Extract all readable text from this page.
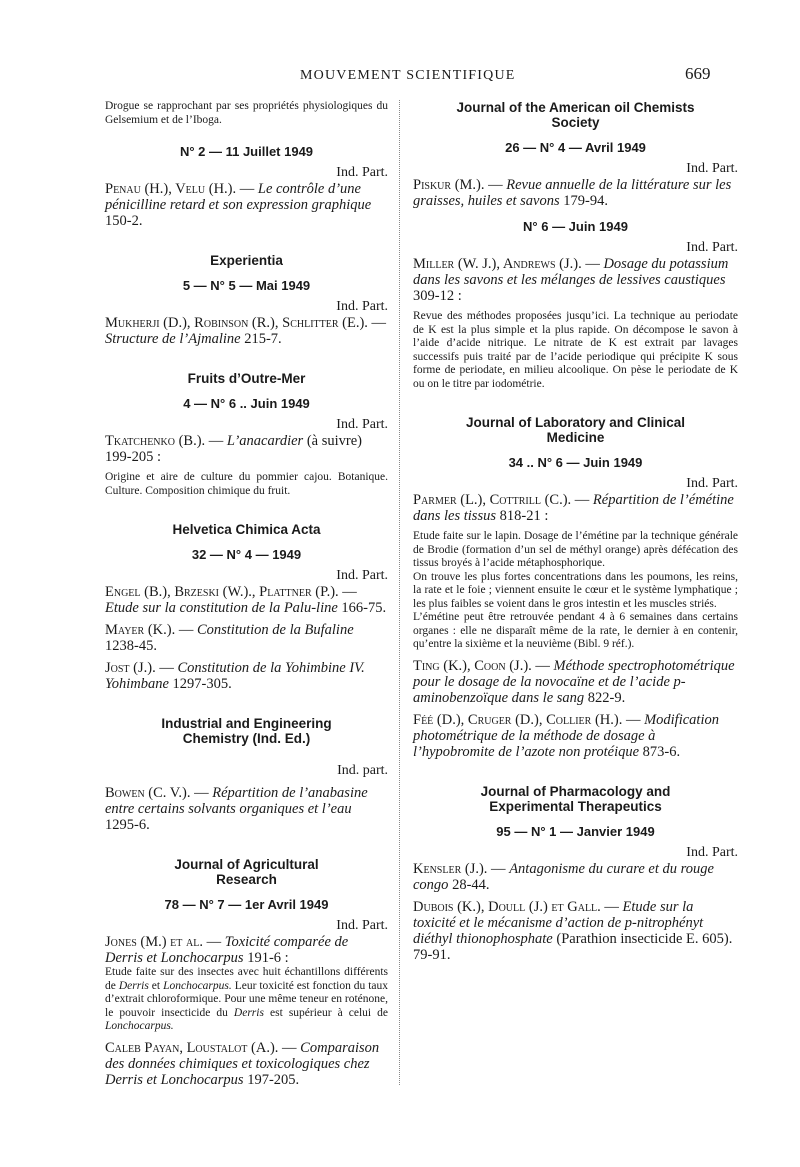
MOUVEMENT SCIENTIFIQUE	669

Drogue se rapprochant par ses propriétés physiologiques du Gelsemium et de l’Iboga.

N° 2 — 11 Juillet 1949

Ind. Part.

Penau (H.), Velu (H.). — Le contrôle d’une pénicilline retard et son expression graphique 150-2.

Experientia

5 — N° 5 — Mai 1949

Ind. Part.

Mukherji (D.), Robinson (R.), Schlitter (E.). — Structure de l’Ajmaline 215-7.

Fruits d’Outre-Mer

4 — N° 6 .. Juin 1949

Ind. Part.

Tkatchenko (B.). — L’anacardier (à suivre) 199-205 :

Origine et aire de culture du pommier cajou. Botanique. Culture. Composition chimique du fruit.

Helvetica Chimica Acta

32 — N° 4 — 1949

Ind. Part.

Engel (B.), Brzeski (W.)., Plattner (P.). — Etude sur la constitution de la Palu-line 166-75.

Mayer (K.). — Constitution de la Bufaline 1238-45.

Jost (J.). — Constitution de la Yohimbine IV. Yohimbane 1297-305.

Industrial and Engineering

Chemistry (Ind. Ed.)

Ind. part.

Bowen (C. V.). — Répartition de l’anabasine entre certains solvants organiques et l’eau 1295-6.

Journal of Agricultural

Research

78 — N° 7 — 1er Avril 1949

Ind. Part.

Jones (M.) et al. — Toxicité comparée de Derris et Lonchocarpus 191-6 :

Etude faite sur des insectes avec huit échantillons différents de Derris et Lonchocarpus. Leur toxicité est fonction du taux d’extrait chloroformique. Pour une même teneur en roténone, le pouvoir insecticide du Derris est supérieur à celui de Lonchocarpus.

Caleb Payan, Loustalot (A.). — Comparaison des données chimiques et toxicologiques chez Derris et Lonchocarpus 197-205.

Journal of the American oil Chemists

Society

26 — N° 4 — Avril 1949

Ind. Part.

Piskur (M.). — Revue annuelle de la littérature sur les graisses, huiles et savons 179-94.

N° 6 — Juin 1949

Ind. Part.

Miller (W. J.), Andrews (J.). — Dosage du potassium dans les savons et les mélanges de lessives caustiques 309-12 :

Revue des méthodes proposées jusqu’ici. La technique au periodate de K est la plus simple et la plus rapide. On décompose le savon à l’aide d’acide nitrique. Le nitrate de K est extrait par lavages successifs puis traité par de l’acide periodique qui précipite K sous forme de periodate, en milieu alcoolique. On pèse le periodate de K ou on le titre par iodométrie.

Journal of Laboratory and Clinical

Medicine

34 .. N° 6 — Juin 1949

Ind. Part.

Parmer (L.), Cottrill (C.). — Répartition de l’émétine dans les tissus 818-21 :

Etude faite sur le lapin. Dosage de l’émétine par la technique générale de Brodie (formation d’un sel de méthyl orange) après défécation des tissus broyés à l’acide métaphosphorique.

On trouve les plus fortes concentrations dans les poumons, les reins, la rate et le foie ; viennent ensuite le cœur et le système lymphatique ; les plus faibles se voient dans le gros intestin et les muscles striés.

L’émétine peut être retrouvée pendant 4 à 6 semaines dans certains organes : elle ne disparaît même de la rate, le dernier à en contenir, qu’entre la sixième et la neuvième (Bibl. 9 réf.).

Ting (K.), Coon (J.). — Méthode spectrophotométrique pour le dosage de la novocaïne et de l’acide p-aminobenzoïque dans le sang 822-9.

Féé (D.), Cruger (D.), Collier (H.). — Modification photométrique de la méthode de dosage à l’hypobromite de l’azote non protéique 873-6.

Journal of Pharmacology and

Experimental Therapeutics

95 — N° 1 — Janvier 1949

Ind. Part.

Kensler (J.). — Antagonisme du curare et du rouge congo 28-44.

Dubois (K.), Doull (J.) et Gall. — Etude sur la toxicité et le mécanisme d’action de p-nitrophényt diéthyl thionophosphate (Parathion insecticide E. 605). 79-91.
